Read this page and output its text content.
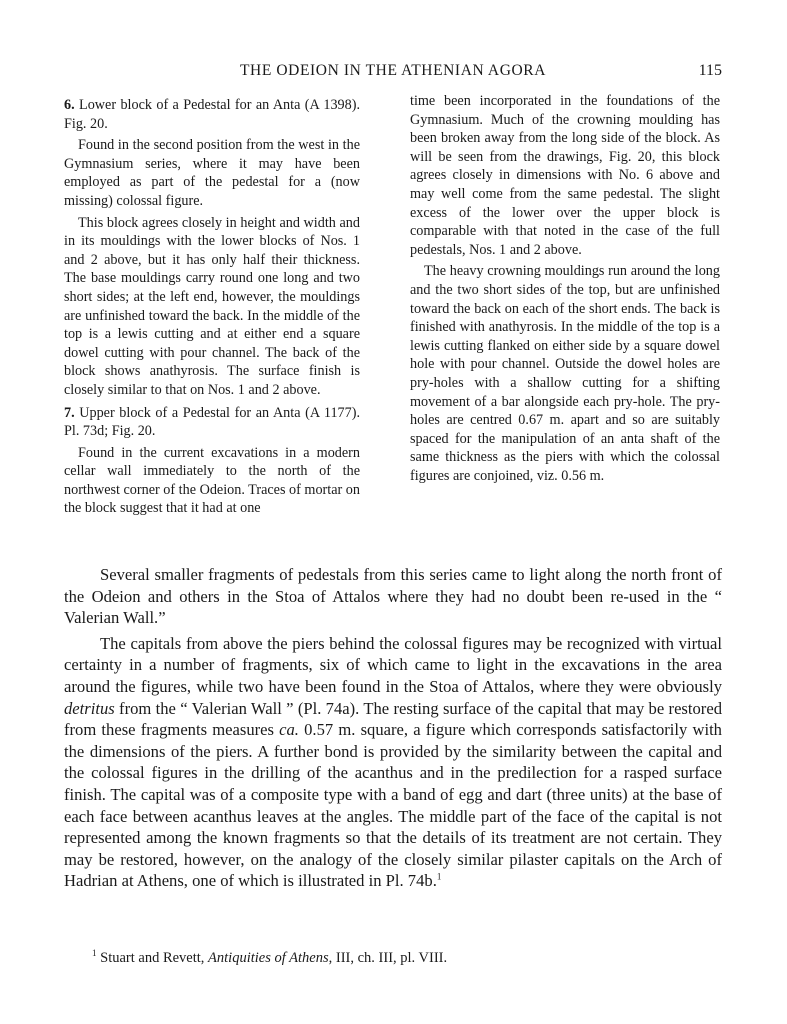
THE ODEION IN THE ATHENIAN AGORA	115

6. Lower block of a Pedestal for an Anta (A 1398). Fig. 20.

Found in the second position from the west in the Gymnasium series, where it may have been employed as part of the pedestal for a (now missing) colossal figure.

This block agrees closely in height and width and in its mouldings with the lower blocks of Nos. 1 and 2 above, but it has only half their thickness. The base mouldings carry round one long and two short sides; at the left end, however, the mouldings are unfinished toward the back. In the middle of the top is a lewis cutting and at either end a square dowel cutting with pour channel. The back of the block shows anathyrosis. The surface finish is closely similar to that on Nos. 1 and 2 above.

7. Upper block of a Pedestal for an Anta (A 1177). Pl. 73d; Fig. 20.

Found in the current excavations in a modern cellar wall immediately to the north of the northwest corner of the Odeion. Traces of mortar on the block suggest that it had at one

time been incorporated in the foundations of the Gymnasium. Much of the crowning moulding has been broken away from the long side of the block. As will be seen from the drawings, Fig. 20, this block agrees closely in dimensions with No. 6 above and may well come from the same pedestal. The slight excess of the lower over the upper block is comparable with that noted in the case of the full pedestals, Nos. 1 and 2 above.

The heavy crowning mouldings run around the long and the two short sides of the top, but are unfinished toward the back on each of the short ends. The back is finished with anathyrosis. In the middle of the top is a lewis cutting flanked on either side by a square dowel hole with pour channel. Outside the dowel holes are pry-holes with a shallow cutting for a shifting movement of a bar alongside each pry-hole. The pry-holes are centred 0.67 m. apart and so are suitably spaced for the manipulation of an anta shaft of the same thickness as the piers with which the colossal figures are conjoined, viz. 0.56 m.

Several smaller fragments of pedestals from this series came to light along the north front of the Odeion and others in the Stoa of Attalos where they had no doubt been re-used in the “ Valerian Wall.”

The capitals from above the piers behind the colossal figures may be recognized with virtual certainty in a number of fragments, six of which came to light in the excavations in the area around the figures, while two have been found in the Stoa of Attalos, where they were obviously detritus from the “ Valerian Wall ” (Pl. 74a). The resting surface of the capital that may be restored from these fragments measures ca. 0.57 m. square, a figure which corresponds satisfactorily with the dimensions of the piers. A further bond is provided by the similarity between the capital and the colossal figures in the drilling of the acanthus and in the predilection for a rasped surface finish. The capital was of a composite type with a band of egg and dart (three units) at the base of each face between acanthus leaves at the angles. The middle part of the face of the capital is not represented among the known fragments so that the details of its treatment are not certain. They may be restored, however, on the analogy of the closely similar pilaster capitals on the Arch of Hadrian at Athens, one of which is illustrated in Pl. 74b.$^1$

$^1$ Stuart and Revett, Antiquities of Athens, III, ch. III, pl. VIII.
